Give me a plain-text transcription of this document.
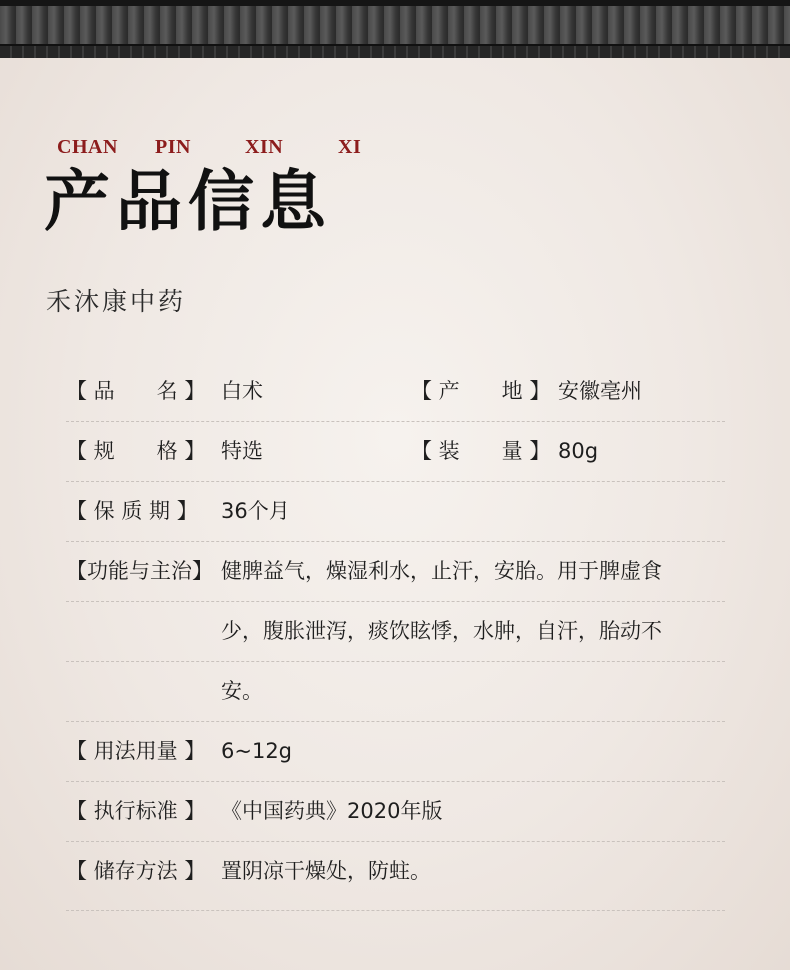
CHAN PIN	XIN	XI
产品信息
禾沐康中药
【 品　　名 】 白术	【 产　　地 】 安徽亳州
【 规　　格 】 特选	【 装　　量 】 80g
【 保 质 期 】 36个月
【功能与主治】 健脾益气，燥湿利水，止汗，安胎。用于脾虚食
少，腹胀泄泻，痰饮眩悸，水肿，自汗，胎动不
安。
【 用法用量 】 6~12g
【 执行标准 】 《中国药典》2020年版
【 储存方法 】 置阴凉干燥处，防蛀。
